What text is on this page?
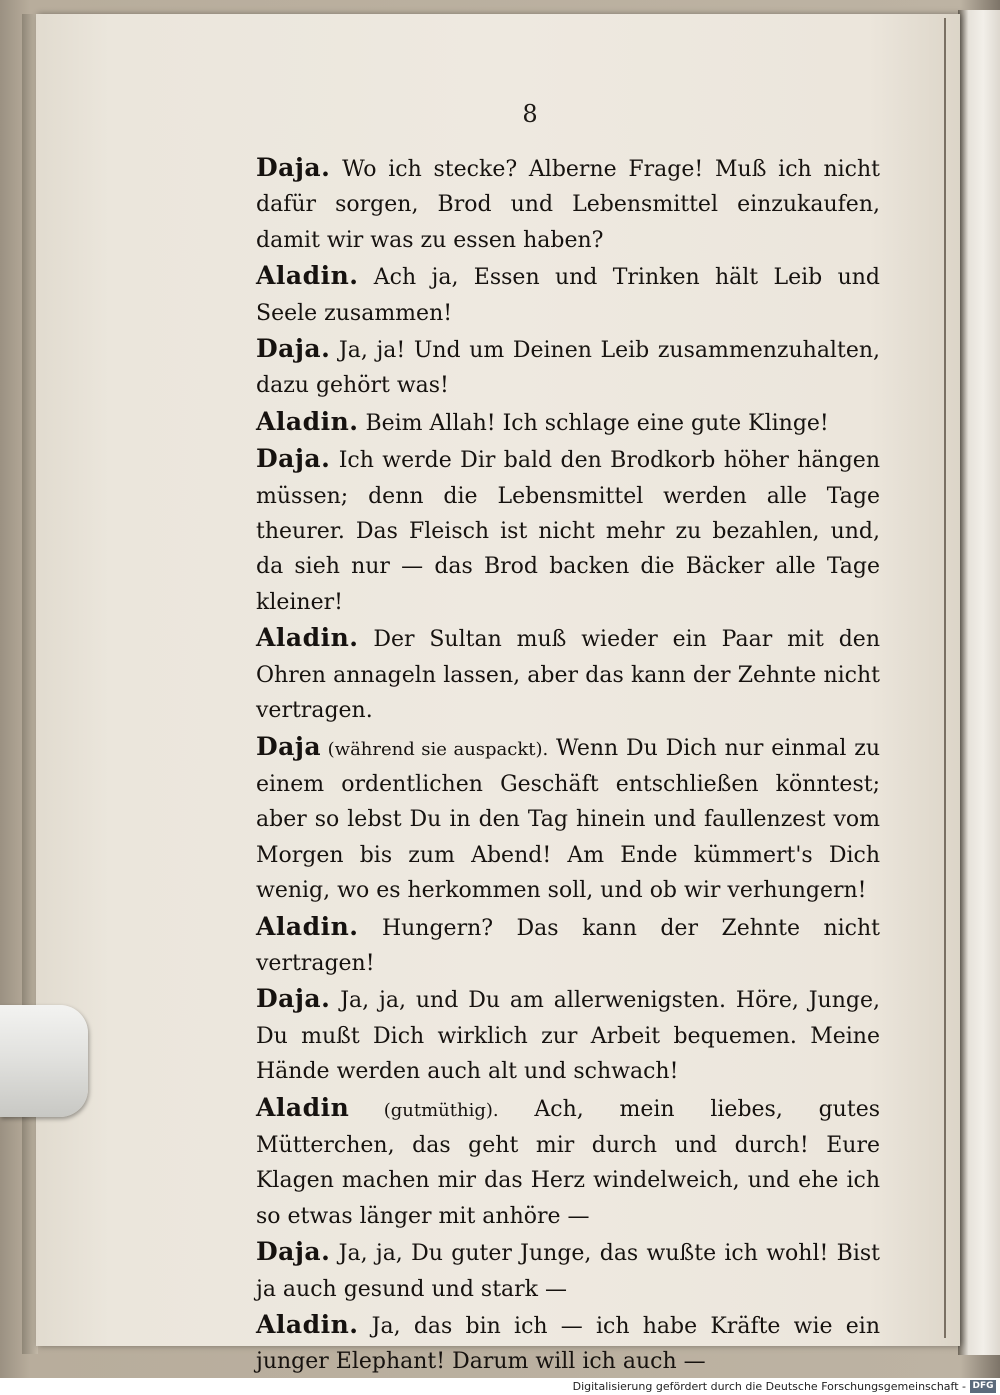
8

Daja. Wo ich stecke? Alberne Frage! Muß ich nicht dafür sorgen, Brod und Lebensmittel einzukaufen, damit wir was zu essen haben?

Aladin. Ach ja, Essen und Trinken hält Leib und Seele zusammen!

Daja. Ja, ja! Und um Deinen Leib zusammenzuhalten, dazu gehört was!

Aladin. Beim Allah! Ich schlage eine gute Klinge!

Daja. Ich werde Dir bald den Brodkorb höher hängen müssen; denn die Lebensmittel werden alle Tage theurer. Das Fleisch ist nicht mehr zu bezahlen, und, da sieh nur — das Brod backen die Bäcker alle Tage kleiner!

Aladin. Der Sultan muß wieder ein Paar mit den Ohren annageln lassen, aber das kann der Zehnte nicht vertragen.

Daja (während sie auspackt). Wenn Du Dich nur einmal zu einem ordentlichen Geschäft entschließen könntest; aber so lebst Du in den Tag hinein und faullenzest vom Morgen bis zum Abend! Am Ende kümmert's Dich wenig, wo es herkommen soll, und ob wir verhungern!

Aladin. Hungern? Das kann der Zehnte nicht vertragen!

Daja. Ja, ja, und Du am allerwenigsten. Höre, Junge, Du mußt Dich wirklich zur Arbeit bequemen. Meine Hände werden auch alt und schwach!

Aladin (gutmüthig). Ach, mein liebes, gutes Mütterchen, das geht mir durch und durch! Eure Klagen machen mir das Herz windelweich, und ehe ich so etwas länger mit anhöre —

Daja. Ja, ja, Du guter Junge, das wußte ich wohl! Bist ja auch gesund und stark —

Aladin. Ja, das bin ich — ich habe Kräfte wie ein junger Elephant! Darum will ich auch —

Digitalisierung gefördert durch die Deutsche Forschungsgemeinschaft - DFG
